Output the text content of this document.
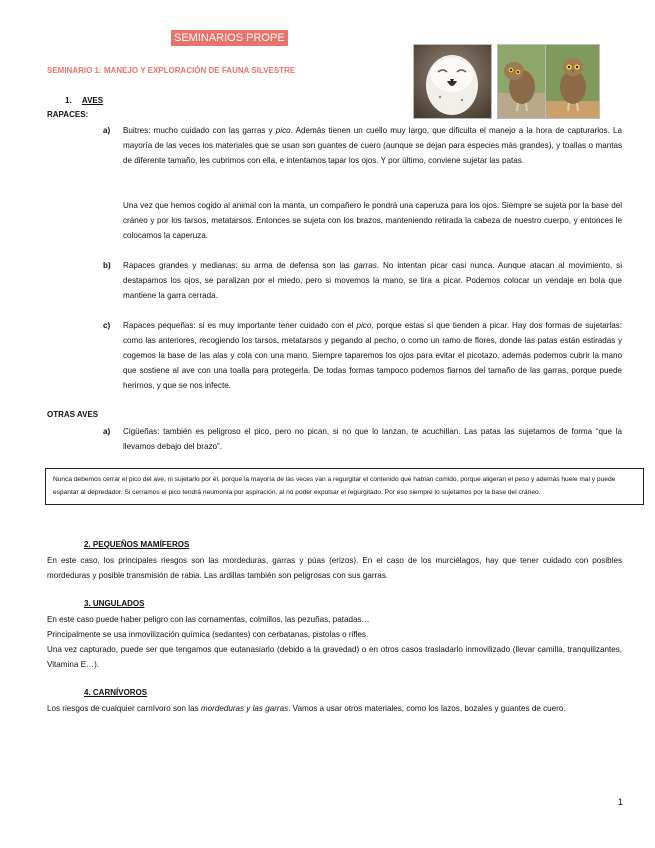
SEMINARIOS PROPE
SEMINARIO 1: MANEJO Y EXPLORACIÓN DE FAUNA SILVESTRE
1. AVES
RAPACES:
a) Buitres: mucho cuidado con las garras y pico. Además tienen un cuello muy largo, que dificulta el manejo a la hora de capturarlos. La mayoría de las veces los materiales que se usan son guantes de cuero (aunque se dejan para especies más grandes), y toallas o mantas de diferente tamaño, les cubrimos con ella, e intentamos tapar los ojos. Y por último, conviene sujetar las patas.
Una vez que hemos cogido al animal con la manta, un compañero le pondrá una caperuza para los ojos. Siempre se sujeta por la base del cráneo y por los tarsos, metatarsos. Entonces se sujeta con los brazos, manteniendo retirada la cabeza de nuestro cuerpo, y entonces le colocamos la caperuza.
b) Rapaces grandes y medianas: su arma de defensa son las garras. No intentan picar casi nunca. Aunque atacan al movimiento, si destapamos los ojos, se paralizan por el miedo, pero si movemos la mano, se tira a picar. Podemos colocar un vendaje en bola que mantiene la garra cerrada.
c) Rapaces pequeñas: si es muy importante tener cuidado con el pico, porque estas sí que tienden a picar. Hay dos formas de sujetarlas: como las anteriores, recogiendo los tarsos, metatarsos y pegando al pecho, o como un ramo de flores, donde las patas están estiradas y cogemos la base de las alas y cola con una mano. Siempre taparemos los ojos para evitar el picotazo, además podemos cubrir la mano que sostiene al ave con una toalla para protegerla. De todas formas tampoco podemos fiarnos del tamaño de las garras, porque puede herirnos, y que se nos infecte.
OTRAS AVES
a) Cigüeñas: también es peligroso el pico, pero no pican, si no que lo lanzan, te acuchillan. Las patas las sujetamos de forma “que la llevamos debajo del brazo”.
Nunca debemos cerrar el pico del ave, ni sujetarlo por él, porque la mayoría de las veces van a regurgitar el contenido que habían comido, porque aligeran el peso y además huele mal y puede espantar al depredador. Si cerramos el pico tendrá neumonía por aspiración, al no poder expulsar el regurgitado. Por eso siempre lo sujetamos por la base del cráneo.
2. PEQUEÑOS MAMÍFEROS
En este caso, los principales riesgos son las mordeduras, garras y púas (erizos). En el caso de los murciélagos, hay que tener cuidado con posibles mordeduras y posible transmisión de rabia. Las ardillas también son peligrosas con sus garras.
3. UNGULADOS
En este caso puede haber peligro con las cornamentas, colmillos, las pezuñas, patadas…
Principalmente se usa inmovilización química (sedantes) con cerbatanas, pistolas o rifles.
Una vez capturado, puede ser que tengamos que eutanasiarlo (debido a la gravedad) o en otros casos trasladarlo inmovilizado (llevar camilla, tranquilizantes, Vitamina E…).
4. CARNÍVOROS
Los riesgos de cualquier carnívoro son las mordeduras y las garras. Vamos a usar otros materiales, como los lazos, bozales y guantes de cuero.
1
